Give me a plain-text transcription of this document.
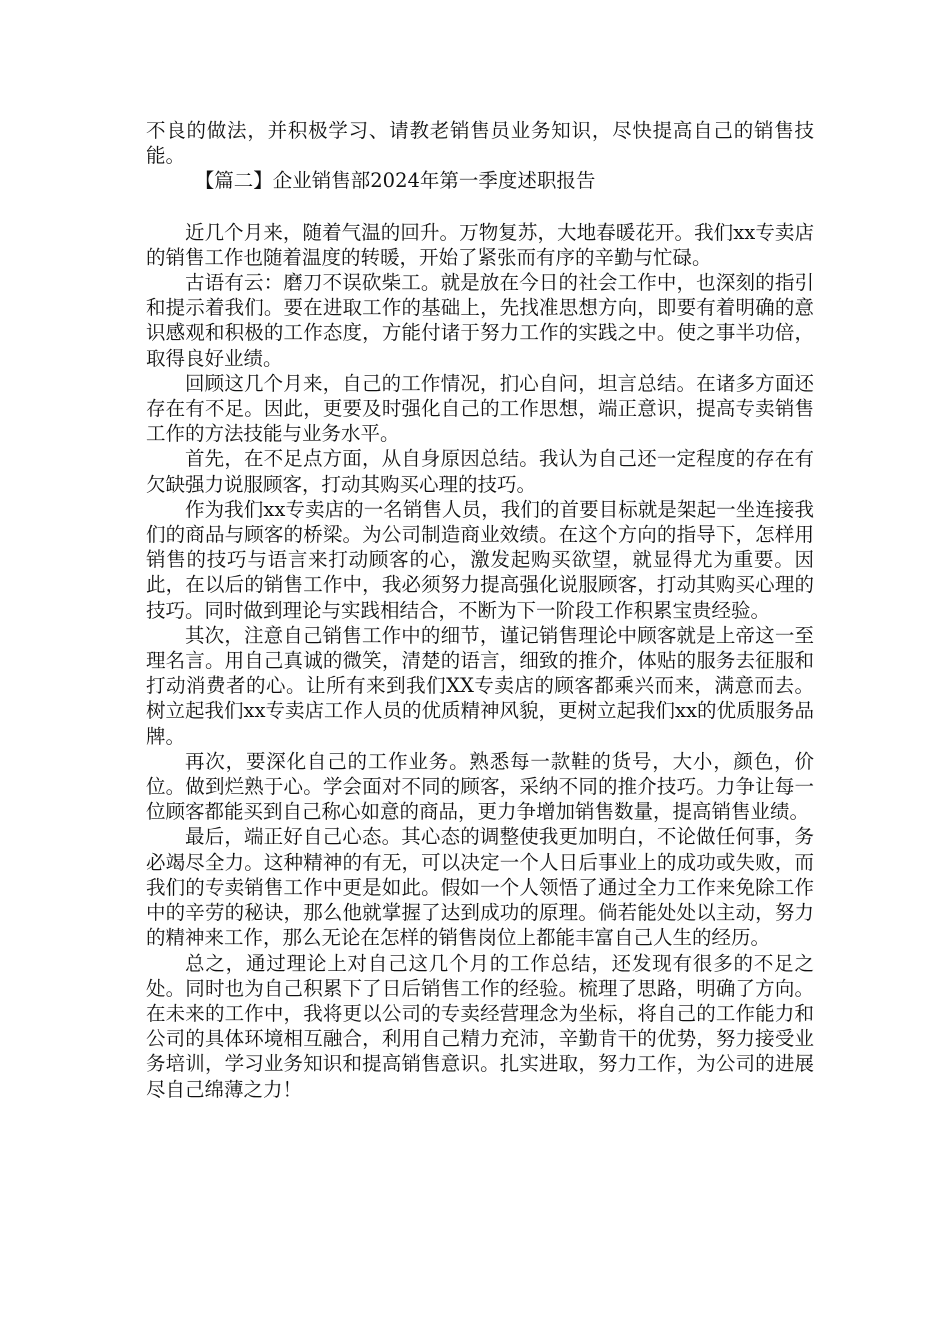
不良的做法，并积极学习、请教老销售员业务知识，尽快提高自己的销售技能。

【篇二】企业销售部2024年第一季度述职报告

近几个月来，随着气温的回升。万物复苏，大地春暖花开。我们xx专卖店的销售工作也随着温度的转暖，开始了紧张而有序的辛勤与忙碌。

古语有云：磨刀不误砍柴工。就是放在今日的社会工作中，也深刻的指引和提示着我们。要在进取工作的基础上，先找准思想方向，即要有着明确的意识感观和积极的工作态度，方能付诸于努力工作的实践之中。使之事半功倍，取得良好业绩。

回顾这几个月来，自己的工作情况，扪心自问，坦言总结。在诸多方面还存在有不足。因此，更要及时强化自己的工作思想，端正意识，提高专卖销售工作的方法技能与业务水平。

首先，在不足点方面，从自身原因总结。我认为自己还一定程度的存在有欠缺强力说服顾客，打动其购买心理的技巧。

作为我们xx专卖店的一名销售人员，我们的首要目标就是架起一坐连接我们的商品与顾客的桥梁。为公司制造商业效绩。在这个方向的指导下，怎样用销售的技巧与语言来打动顾客的心，激发起购买欲望，就显得尤为重要。因此，在以后的销售工作中，我必须努力提高强化说服顾客，打动其购买心理的技巧。同时做到理论与实践相结合，不断为下一阶段工作积累宝贵经验。

其次，注意自己销售工作中的细节，谨记销售理论中顾客就是上帝这一至理名言。用自己真诚的微笑，清楚的语言，细致的推介，体贴的服务去征服和打动消费者的心。让所有来到我们XX专卖店的顾客都乘兴而来，满意而去。树立起我们xx专卖店工作人员的优质精神风貌，更树立起我们xx的优质服务品牌。

再次，要深化自己的工作业务。熟悉每一款鞋的货号，大小，颜色，价位。做到烂熟于心。学会面对不同的顾客，采纳不同的推介技巧。力争让每一位顾客都能买到自己称心如意的商品，更力争增加销售数量，提高销售业绩。

最后，端正好自己心态。其心态的调整使我更加明白，不论做任何事，务必竭尽全力。这种精神的有无，可以决定一个人日后事业上的成功或失败，而我们的专卖销售工作中更是如此。假如一个人领悟了通过全力工作来免除工作中的辛劳的秘诀，那么他就掌握了达到成功的原理。倘若能处处以主动，努力的精神来工作，那么无论在怎样的销售岗位上都能丰富自己人生的经历。

总之，通过理论上对自己这几个月的工作总结，还发现有很多的不足之处。同时也为自己积累下了日后销售工作的经验。梳理了思路，明确了方向。在未来的工作中，我将更以公司的专卖经营理念为坐标，将自己的工作能力和公司的具体环境相互融合，利用自己精力充沛，辛勤肯干的优势，努力接受业务培训，学习业务知识和提高销售意识。扎实进取，努力工作，为公司的进展尽自己绵薄之力！
